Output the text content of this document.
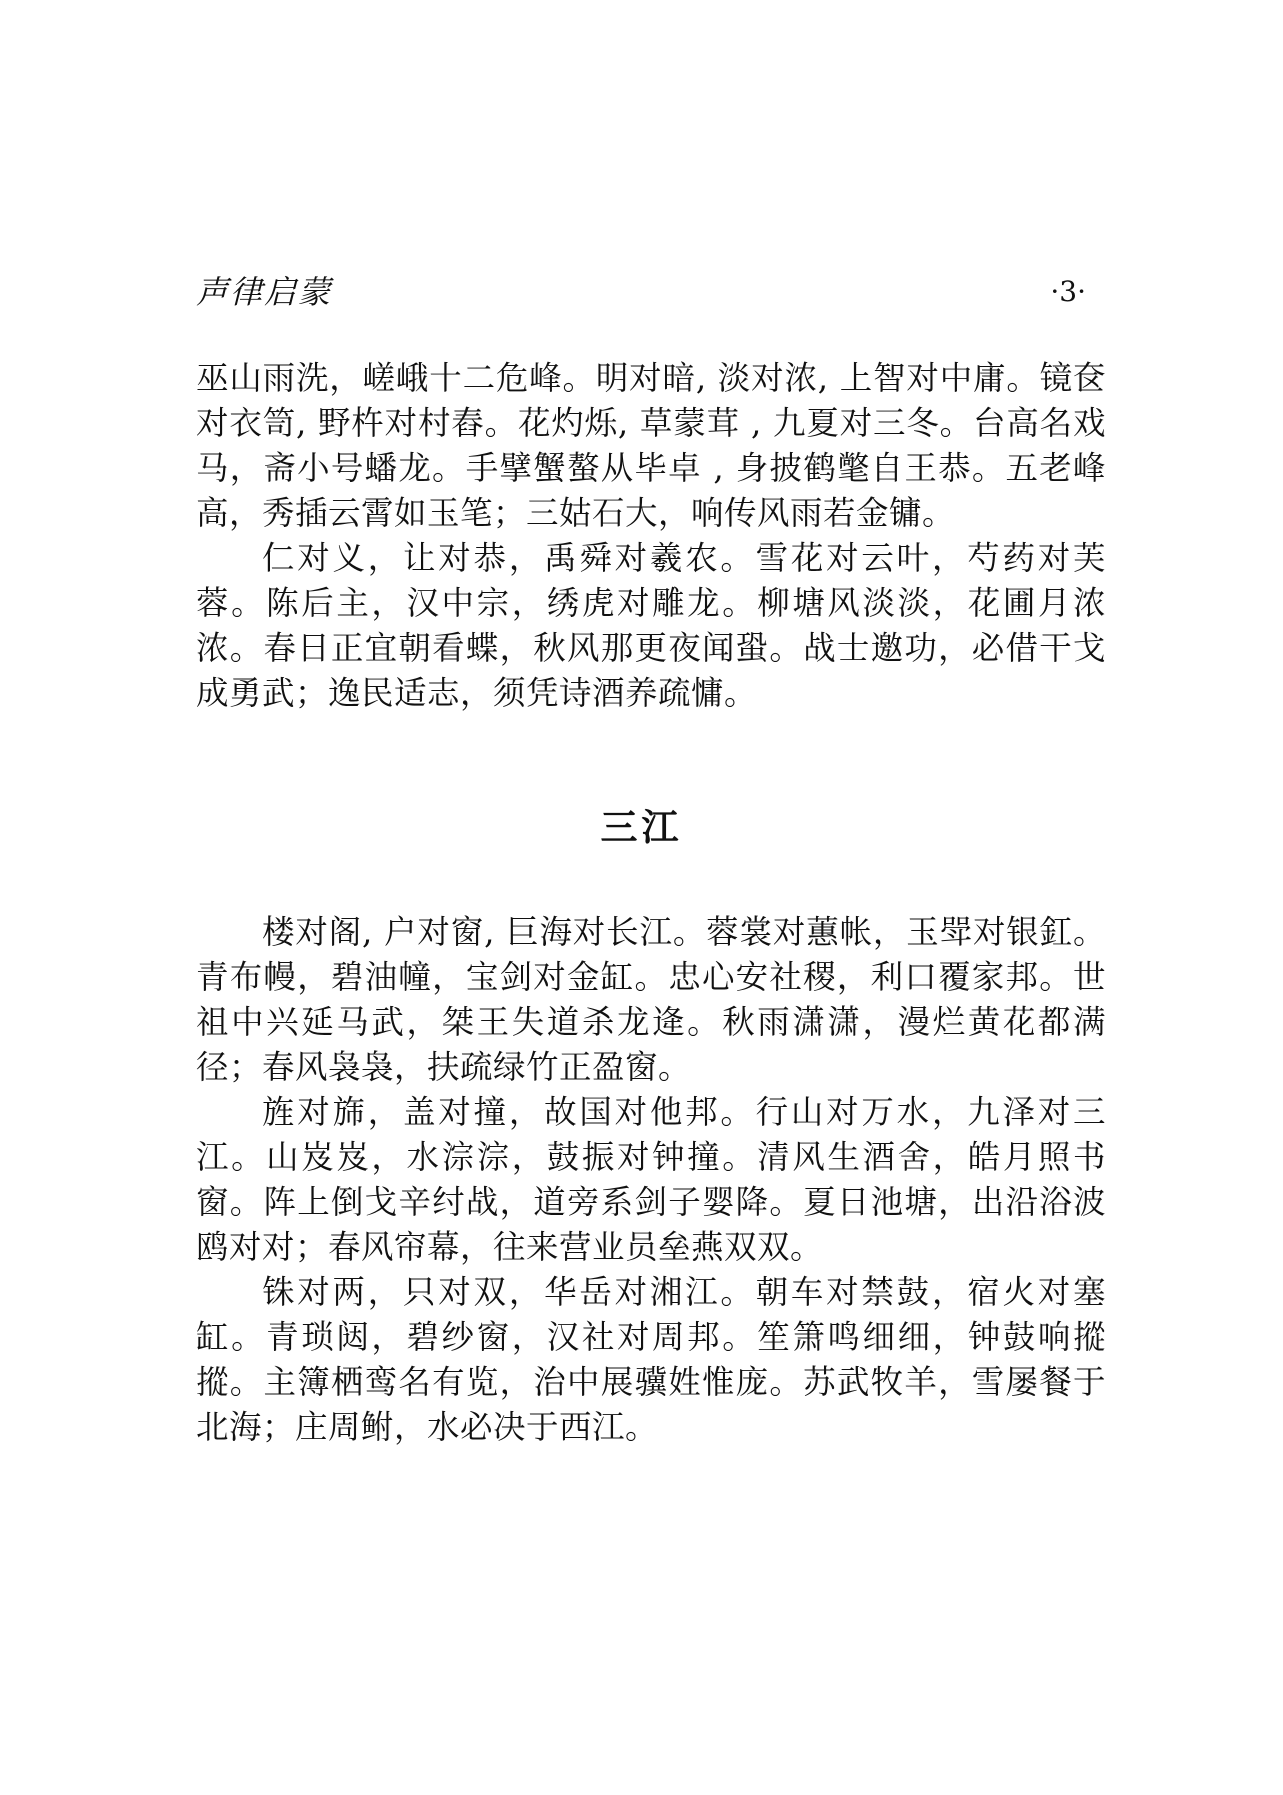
声律启蒙	·3·

巫山雨洗，嵯峨十二危峰。明对暗, 淡对浓, 上智对中庸。镜奁对衣笥, 野杵对村舂。花灼烁, 草蒙茸 , 九夏对三冬。台高名戏马，斋小号蟠龙。手擘蟹螯从毕卓 , 身披鹤氅自王恭。五老峰高，秀插云霄如玉笔；三姑石大，响传风雨若金镛。

仁对义，让对恭，禹舜对羲农。雪花对云叶，芍药对芙蓉。陈后主，汉中宗，绣虎对雕龙。柳塘风淡淡，花圃月浓浓。春日正宜朝看蝶，秋风那更夜闻蛩。战士邀功，必借干戈成勇武；逸民适志，须凭诗酒养疏慵。

三江

楼对阁, 户对窗, 巨海对长江。蓉裳对蕙帐，玉斝对银釭。青布幔，碧油幢，宝剑对金缸。忠心安社稷，利口覆家邦。世祖中兴延马武，桀王失道杀龙逄。秋雨潇潇，漫烂黄花都满径；春风袅袅，扶疏绿竹正盈窗。

旌对旆，盖对撞，故国对他邦。行山对万水，九泽对三江。山岌岌，水淙淙，鼓振对钟撞。清风生酒舍，皓月照书窗。阵上倒戈辛纣战，道旁系剑子婴降。夏日池塘，出沿浴波鸥对对；春风帘幕，往来营业员垒燕双双。

铢对两，只对双，华岳对湘江。朝车对禁鼓，宿火对塞缸。青琐闼，碧纱窗，汉社对周邦。笙箫鸣细细，钟鼓响摐摐。主簿栖鸾名有览，治中展骥姓惟庞。苏武牧羊，雪屡餐于北海；庄周鲋，水必决于西江。
